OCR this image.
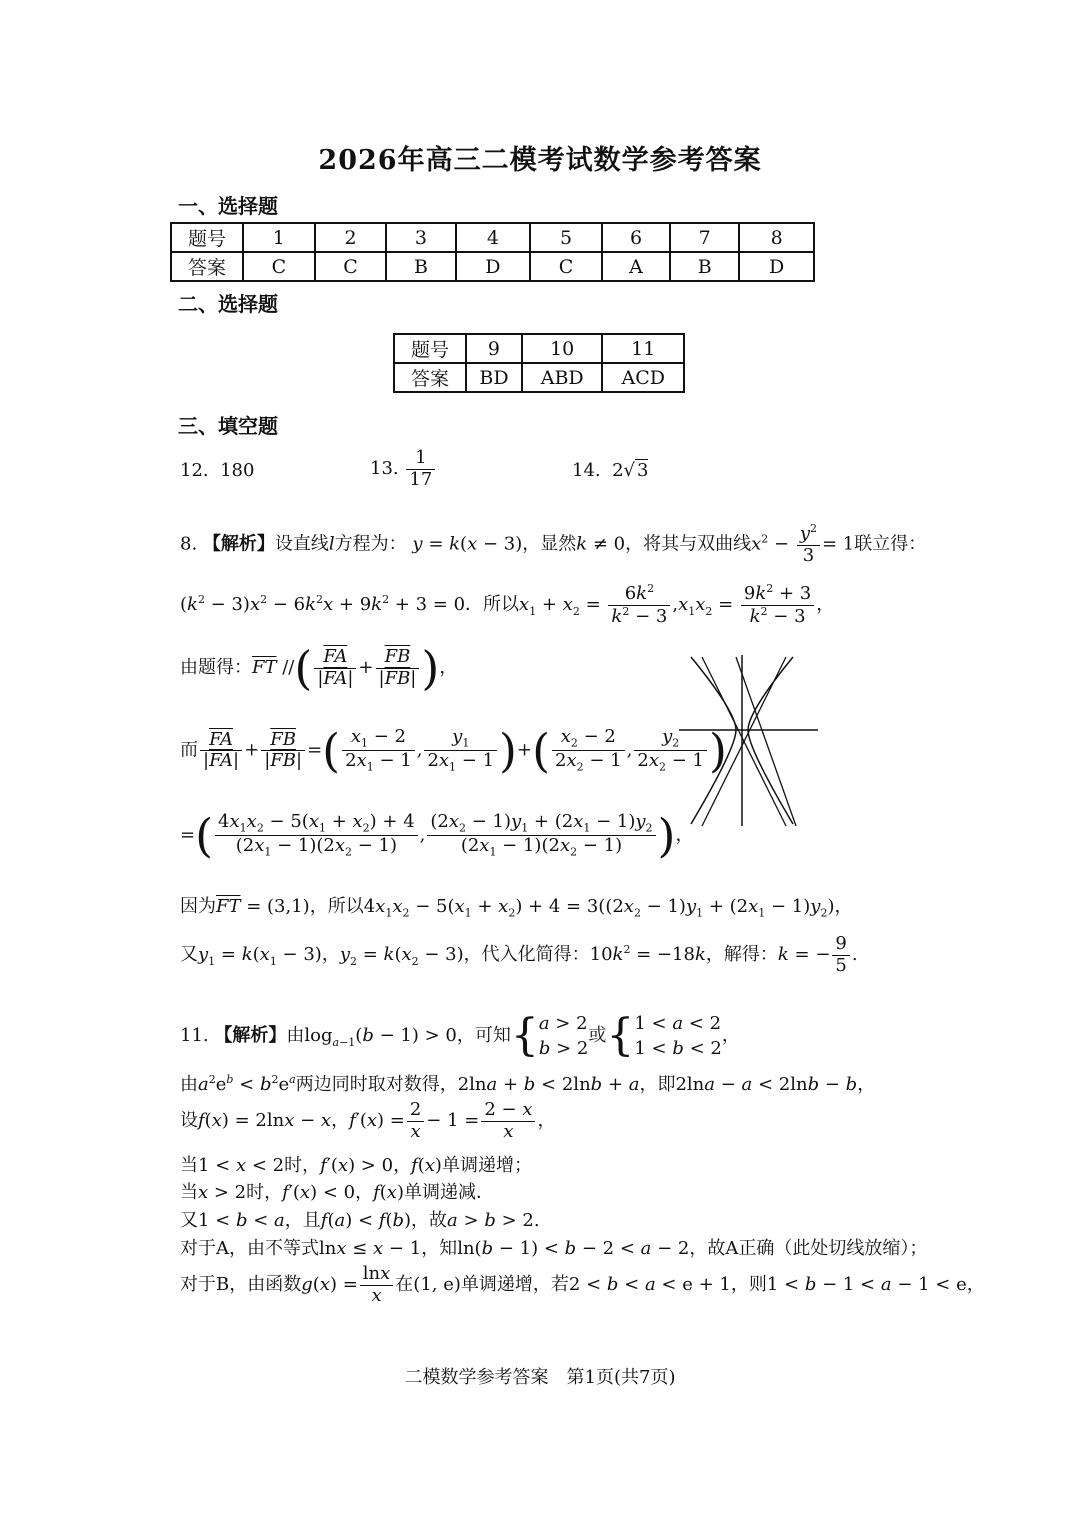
2026年高三二模考试数学参考答案
一、选择题
题号	1	2	3	4	5	6	7	8
答案	C	C	B	D	C	A	B	D
二、选择题
题号	9	10	11
答案	BD	ABD	ACD
三、填空题
12. 180	13. $\frac{1}{17}$	14. 2√ 3
8. 【解析】设直线l方程为： y = k(x − 3)，显然k ≠ 0，将其与双曲线$x^2 - \frac{y^2}{3} = 1$联立得：
$(k^2 - 3)x^2 - 6k^2x + 9k^2 + 3 = 0$．所以$x_1 + x_2 = \frac{6k^2}{k^2 - 3} ,x_1x_2 = \frac{9k^2 + 3}{k^2 - 3}$ ，
由题得：$\overline{FT}$ //( $\frac{\overline{FA}}{|\overline{FA}|} + \frac{\overline{FB}}{|\overline{FB}|}$ )，
而 $\frac{\overline{FA}}{|\overline{FA}|} + \frac{\overline{FB}}{|\overline{FB}|}$ =( $\frac{x_1 - 2}{2x_1 - 1}$ , $\frac{y_1}{2x_1 - 1}$ )+( $\frac{x_2 - 2}{2x_2 - 1}$ , $\frac{y_2}{2x_2 - 1}$ )
=( $\frac{4x_1x_2 - 5(x_1 + x_2) + 4}{(2x_1 - 1)(2x_2 - 1)}$ , $\frac{(2x_2 - 1)y_1 + (2x_1 - 1)y_2}{(2x_1 - 1)(2x_2 - 1)}$ )，
因为$\overline{FT} = (3,1)$，所以$4x_1x_2 - 5(x_1 + x_2) + 4 = 3((2x_2 - 1)y_1 + (2x_1 - 1)y_2)$，
又$y_1 = k(x_1 - 3)$，$y_2 = k(x_2 - 3)$，代入化简得：$10k^2 = -18k$，解得：k = − $\frac{9}{5}$ .
11. 【解析】由$\log_{a-1}(b - 1) > 0$，可知{a > 2
b > 2或{1 < a < 2
1 < b < 2，
由$a^2e^b < b^2e^a$两边同时取对数得，2lna + b < 2lnb + a，即2lna − a < 2lnb − b，
设f(x) = 2lnx − x，$f'(x) = \frac{2}{x} - 1 = \frac{2 - x}{x}$ ，
当1 < x < 2时，f′(x) > 0，f(x)单调递增；
当x > 2时，f′(x) < 0，f(x)单调递减．
又1 < b < a，且f(a) < f(b)，故a > b > 2.
对于A，由不等式lnx ≤ x − 1，知ln(b − 1) < b − 2 < a − 2，故A正确（此处切线放缩）；
对于B，由函数$g(x) = \frac{\ln x}{x}$ 在(1, e)单调递增，若2 < b < a < e + 1，则1 < b − 1 < a − 1 < e，
二模数学参考答案　第1页(共7页)
